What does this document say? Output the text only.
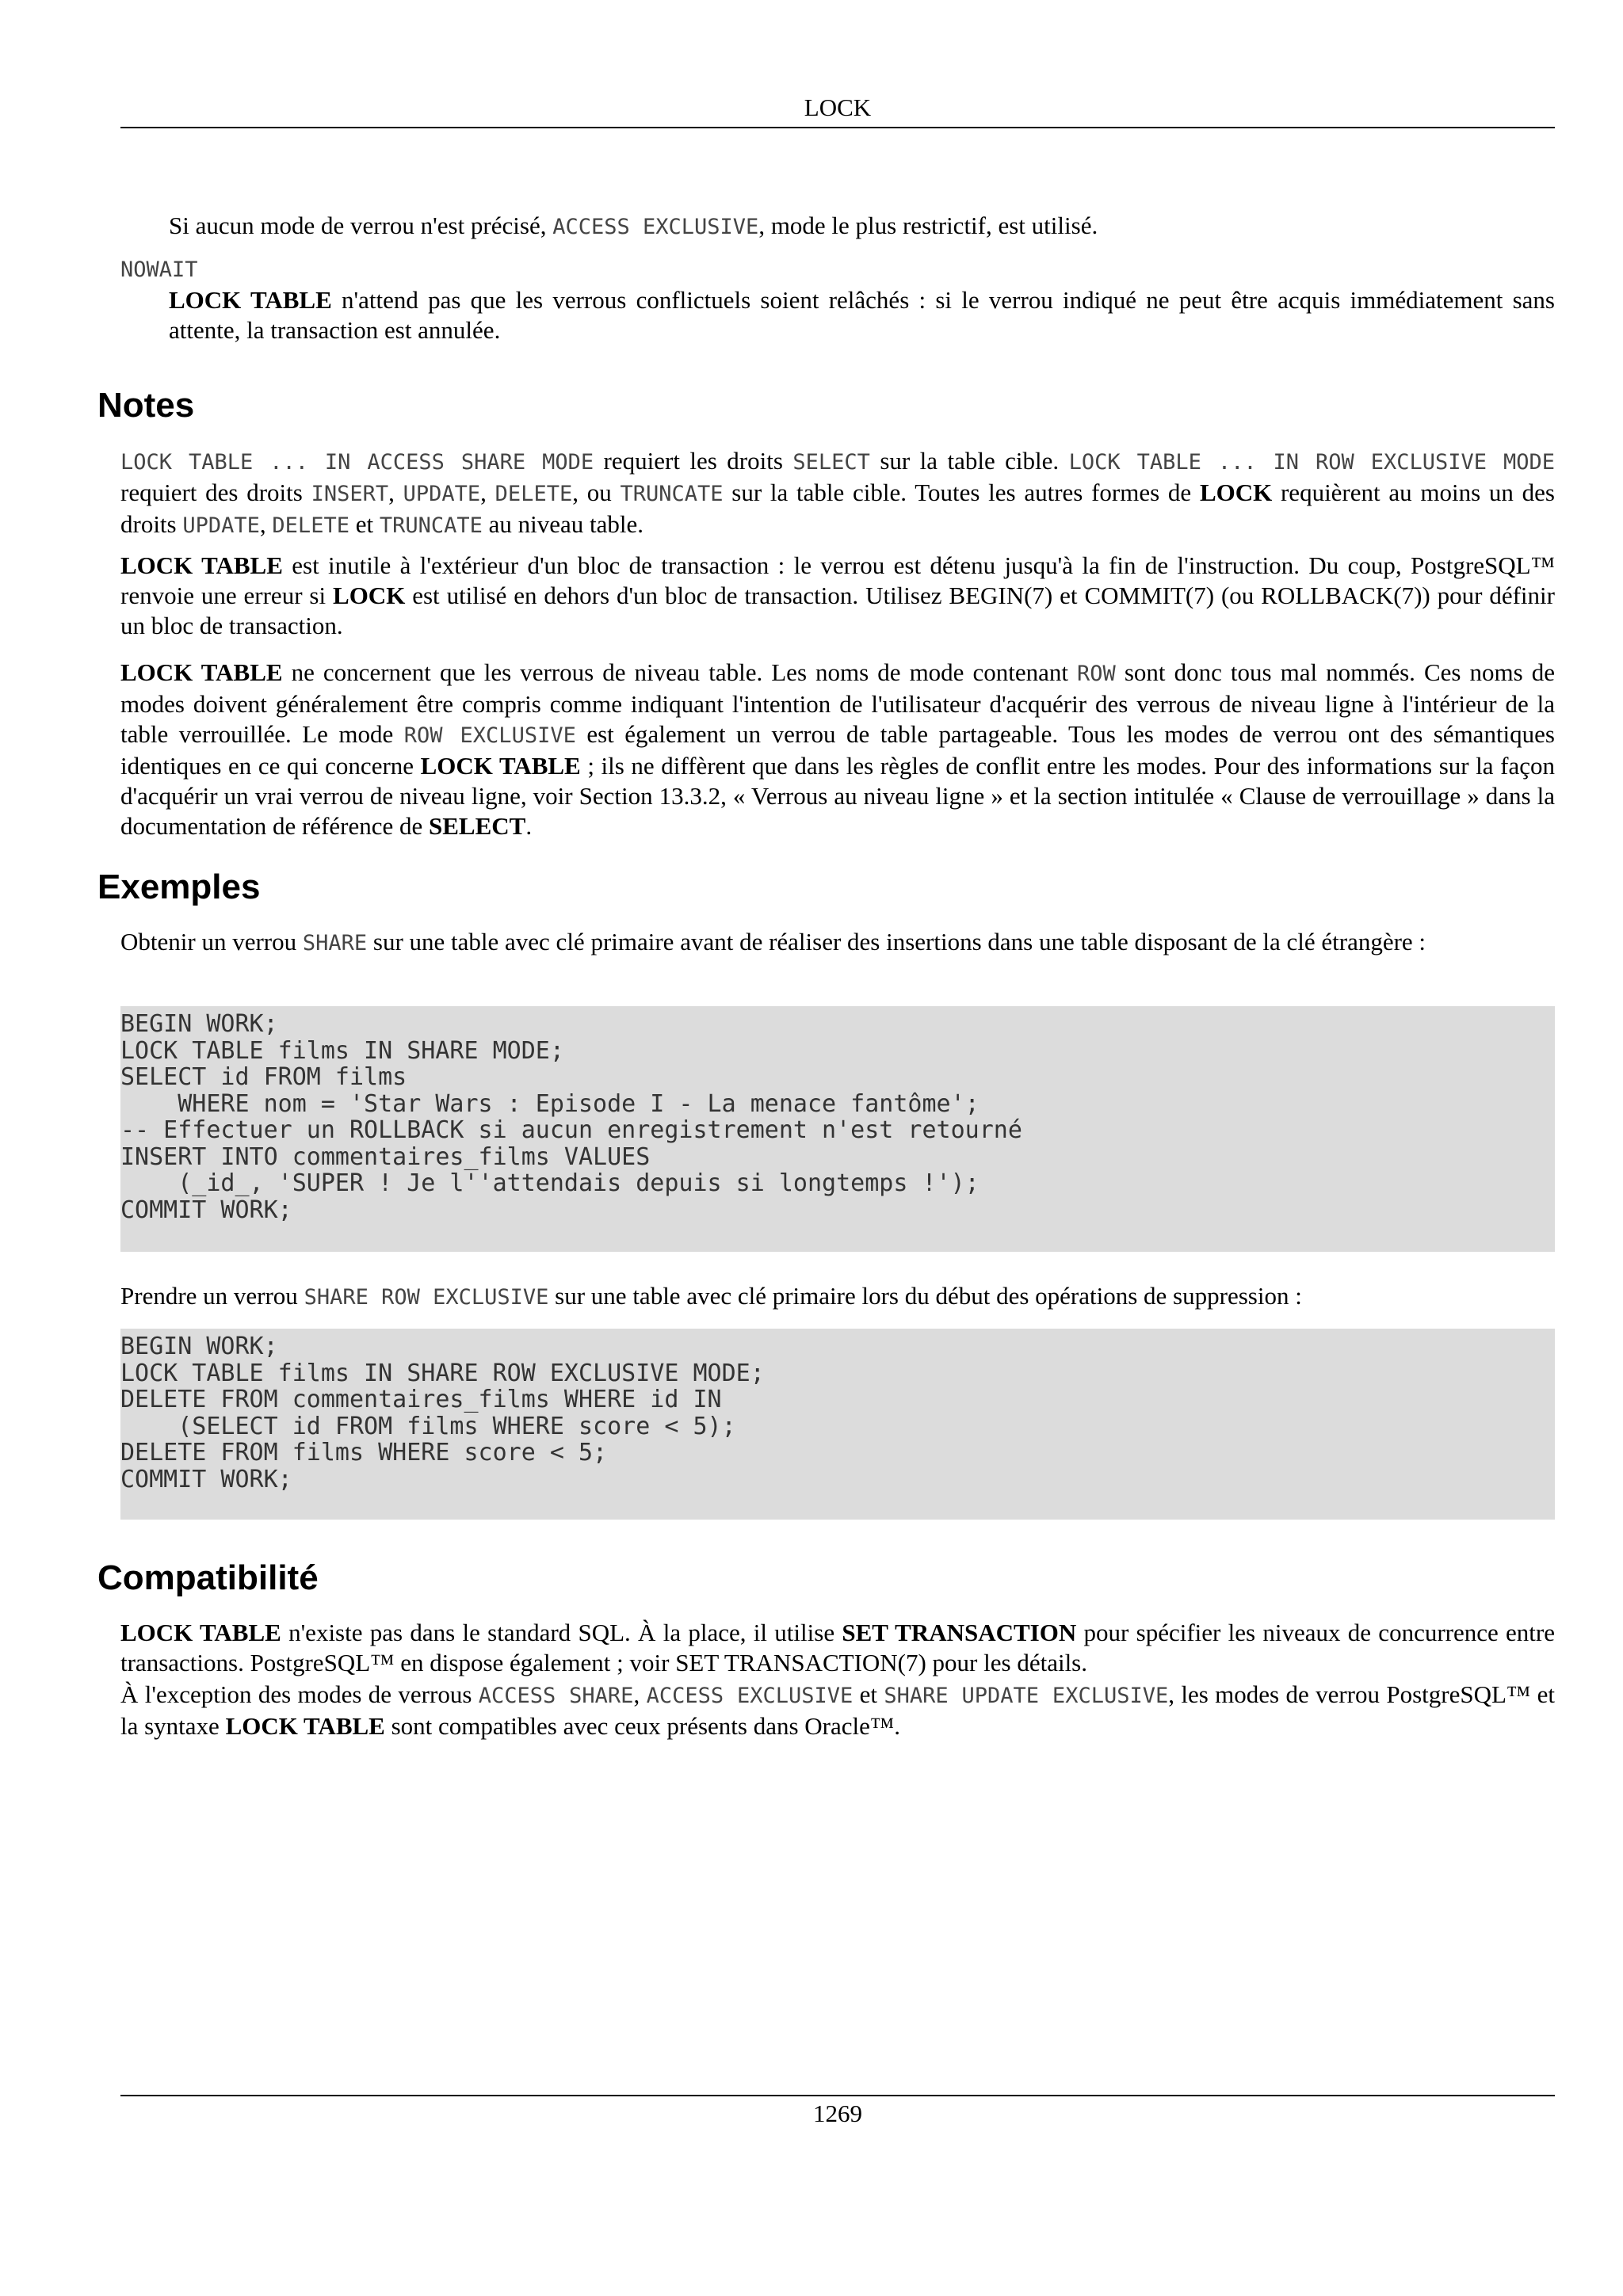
LOCK

Si aucun mode de verrou n'est précisé, ACCESS EXCLUSIVE, mode le plus restrictif, est utilisé.

NOWAIT

LOCK TABLE n'attend pas que les verrous conflictuels soient relâchés : si le verrou indiqué ne peut être acquis immédiatement sans attente, la transaction est annulée.

Notes

LOCK TABLE ... IN ACCESS SHARE MODE requiert les droits SELECT sur la table cible. LOCK TABLE ... IN ROW EXCLUSIVE MODE requiert des droits INSERT, UPDATE, DELETE, ou TRUNCATE sur la table cible. Toutes les autres formes de LOCK requièrent au moins un des droits UPDATE, DELETE et TRUNCATE au niveau table.

LOCK TABLE est inutile à l'extérieur d'un bloc de transaction : le verrou est détenu jusqu'à la fin de l'instruction. Du coup, PostgreSQL™ renvoie une erreur si LOCK est utilisé en dehors d'un bloc de transaction. Utilisez BEGIN(7) et COMMIT(7) (ou ROLLBACK(7)) pour définir un bloc de transaction.

LOCK TABLE ne concernent que les verrous de niveau table. Les noms de mode contenant ROW sont donc tous mal nommés. Ces noms de modes doivent généralement être compris comme indiquant l'intention de l'utilisateur d'acquérir des verrous de niveau ligne à l'intérieur de la table verrouillée. Le mode ROW EXCLUSIVE est également un verrou de table partageable. Tous les modes de verrou ont des sémantiques identiques en ce qui concerne LOCK TABLE ; ils ne diffèrent que dans les règles de conflit entre les modes. Pour des informations sur la façon d'acquérir un vrai verrou de niveau ligne, voir Section 13.3.2, « Verrous au niveau ligne » et la section intitulée « Clause de verrouillage » dans la documentation de référence de SELECT.

Exemples

Obtenir un verrou SHARE sur une table avec clé primaire avant de réaliser des insertions dans une table disposant de la clé étrangère :

BEGIN WORK;
LOCK TABLE films IN SHARE MODE;
SELECT id FROM films
WHERE nom = 'Star Wars : Episode I - La menace fantôme';
-- Effectuer un ROLLBACK si aucun enregistrement n'est retourné
INSERT INTO commentaires_films VALUES
(_id_, 'SUPER ! Je l''attendais depuis si longtemps !');
COMMIT WORK;

Prendre un verrou SHARE ROW EXCLUSIVE sur une table avec clé primaire lors du début des opérations de suppression :

BEGIN WORK;
LOCK TABLE films IN SHARE ROW EXCLUSIVE MODE;
DELETE FROM commentaires_films WHERE id IN
(SELECT id FROM films WHERE score < 5);
DELETE FROM films WHERE score < 5;
COMMIT WORK;
Compatibilité

LOCK TABLE n'existe pas dans le standard SQL. À la place, il utilise SET TRANSACTION pour spécifier les niveaux de concurrence entre transactions. PostgreSQL™ en dispose également ; voir SET TRANSACTION(7) pour les détails.

À l'exception des modes de verrous ACCESS SHARE, ACCESS EXCLUSIVE et SHARE UPDATE EXCLUSIVE, les modes de verrou PostgreSQL™ et la syntaxe LOCK TABLE sont compatibles avec ceux présents dans Oracle™.

1269
